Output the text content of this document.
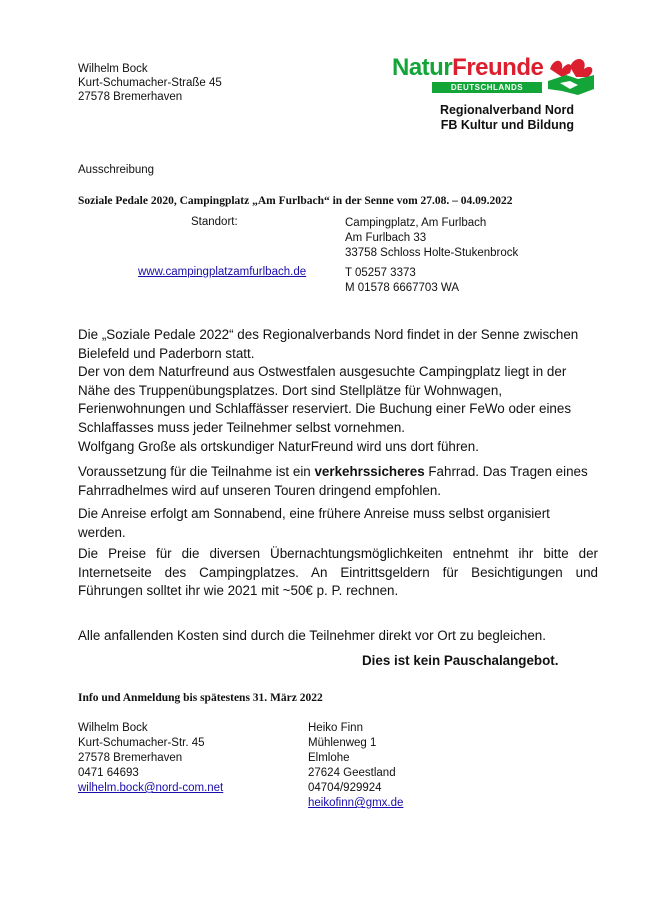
Wilhelm Bock
Kurt-Schumacher-Straße 45
27578 Bremerhaven
NaturFreunde
DEUTSCHLANDS
Regionalverband Nord
FB Kultur und Bildung
Ausschreibung
Soziale Pedale 2020, Campingplatz „Am Furlbach“ in der Senne vom 27.08. – 04.09.2022
Standort:
www.campingplatzamfurlbach.de
Campingplatz, Am Furlbach
Am Furlbach 33
33758 Schloss Holte-Stukenbrock
T 05257 3373
M 01578 6667703 WA
Die „Soziale Pedale 2022“ des Regionalverbands Nord findet in der Senne zwischen Bielefeld und Paderborn statt.
Der von dem Naturfreund aus Ostwestfalen ausgesuchte Campingplatz liegt in der Nähe des Truppenübungsplatzes. Dort sind Stellplätze für Wohnwagen, Ferienwohnungen und Schlaffässer reserviert. Die Buchung einer FeWo oder eines Schlaffasses muss jeder Teilnehmer selbst vornehmen.
Wolfgang Große als ortskundiger NaturFreund wird uns dort führen.
Voraussetzung für die Teilnahme ist ein verkehrssicheres Fahrrad. Das Tragen eines Fahrradhelmes wird auf unseren Touren dringend empfohlen.
Die Anreise erfolgt am Sonnabend, eine frühere Anreise muss selbst organisiert werden.
Die Preise für die diversen Übernachtungsmöglichkeiten entnehmt ihr bitte der Internetseite des Campingplatzes. An Eintrittsgeldern für Besichtigungen und Führungen solltet ihr wie 2021 mit ~50€ p. P. rechnen.
Alle anfallenden Kosten sind durch die Teilnehmer direkt vor Ort zu begleichen.
Dies ist kein Pauschalangebot.
Info und Anmeldung bis spätestens 31. März 2022
Wilhelm Bock
Kurt-Schumacher-Str. 45
27578 Bremerhaven
0471 64693
wilhelm.bock@nord-com.net
Heiko Finn
Mühlenweg 1
Elmlohe
27624 Geestland
04704/929924
heikofinn@gmx.de
